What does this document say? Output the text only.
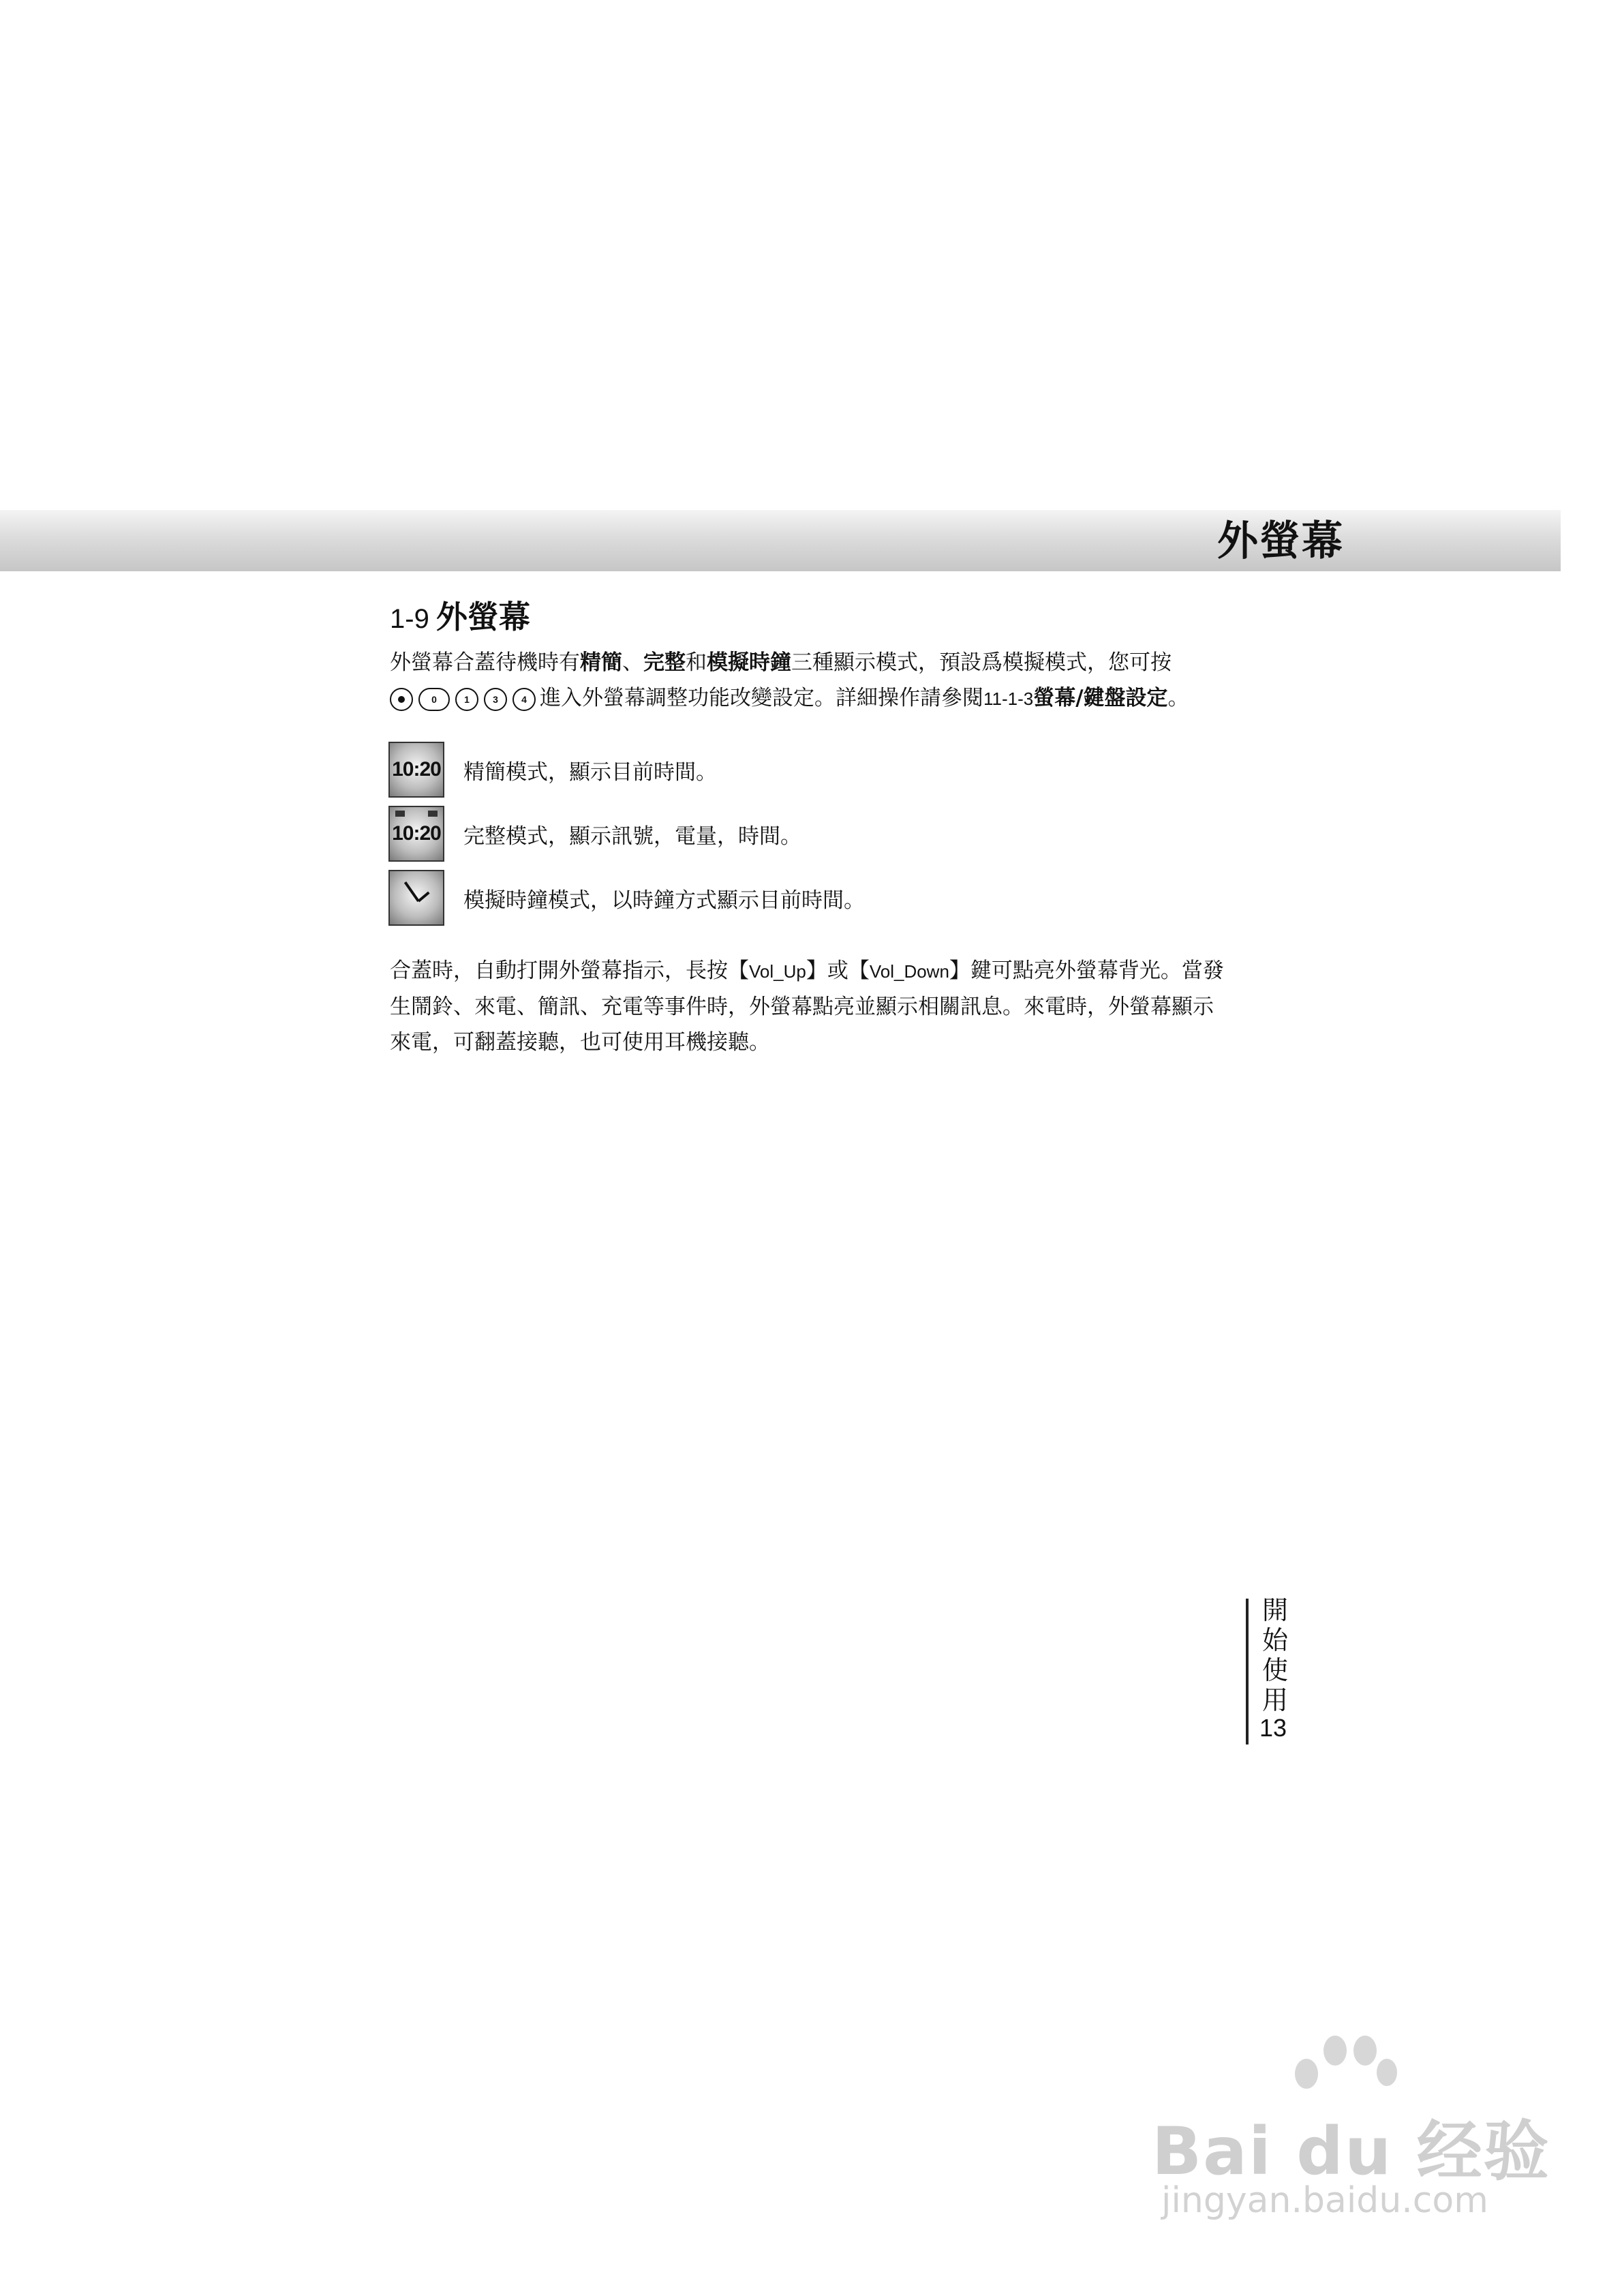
外螢幕
1-9 外螢幕
外螢幕合蓋待機時有精簡、完整和模擬時鐘三種顯示模式，預設爲模擬模式，您可按
0	1	3	4 進入外螢幕調整功能改變設定。詳細操作請參閱11-1-3螢幕/鍵盤設定。
10:20 精簡模式，顯示目前時間。
10:20 完整模式，顯示訊號，電量，時間。
模擬時鐘模式，以時鐘方式顯示目前時間。
合蓋時，自動打開外螢幕指示，長按【Vol_Up】或【Vol_Down】鍵可點亮外螢幕背光。當發
生鬧鈴、來電、簡訊、充電等事件時，外螢幕點亮並顯示相關訊息。來電時，外螢幕顯示
來電，可翻蓋接聽，也可使用耳機接聽。
開
始
使
用
13
Bai du 经验
jingyan.baidu.com
